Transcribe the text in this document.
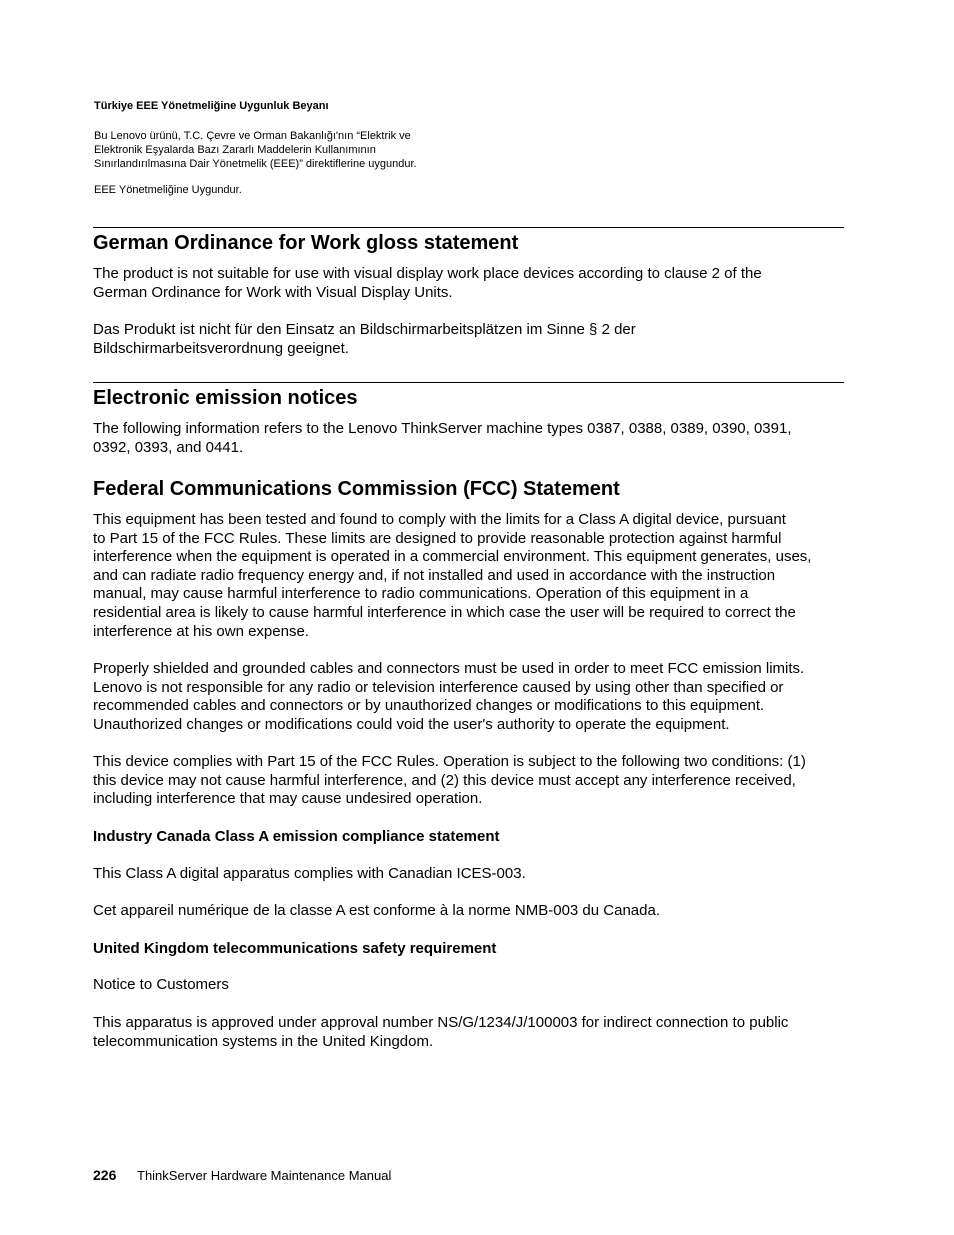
Türkiye EEE Yönetmeliğine Uygunluk Beyanı
Bu Lenovo ürünü, T.C. Çevre ve Orman Bakanlığı'nın “Elektrik ve
Elektronik Eşyalarda Bazı Zararlı Maddelerin Kullanımının
Sınırlandırılmasına Dair Yönetmelik (EEE)” direktiflerine uygundur.
EEE Yönetmeliğine Uygundur.
German Ordinance for Work gloss statement
The product is not suitable for use with visual display work place devices according to clause 2 of the
German Ordinance for Work with Visual Display Units.
Das Produkt ist nicht für den Einsatz an Bildschirmarbeitsplätzen im Sinne § 2 der
Bildschirmarbeitsverordnung geeignet.
Electronic emission notices
The following information refers to the Lenovo ThinkServer machine types 0387, 0388, 0389, 0390, 0391,
0392, 0393, and 0441.
Federal Communications Commission (FCC) Statement
This equipment has been tested and found to comply with the limits for a Class A digital device, pursuant
to Part 15 of the FCC Rules. These limits are designed to provide reasonable protection against harmful
interference when the equipment is operated in a commercial environment. This equipment generates, uses,
and can radiate radio frequency energy and, if not installed and used in accordance with the instruction
manual, may cause harmful interference to radio communications. Operation of this equipment in a
residential area is likely to cause harmful interference in which case the user will be required to correct the
interference at his own expense.
Properly shielded and grounded cables and connectors must be used in order to meet FCC emission limits.
Lenovo is not responsible for any radio or television interference caused by using other than specified or
recommended cables and connectors or by unauthorized changes or modifications to this equipment.
Unauthorized changes or modifications could void the user's authority to operate the equipment.
This device complies with Part 15 of the FCC Rules. Operation is subject to the following two conditions: (1)
this device may not cause harmful interference, and (2) this device must accept any interference received,
including interference that may cause undesired operation.
Industry Canada Class A emission compliance statement
This Class A digital apparatus complies with Canadian ICES-003.
Cet appareil numérique de la classe A est conforme à la norme NMB-003 du Canada.
United Kingdom telecommunications safety requirement
Notice to Customers
This apparatus is approved under approval number NS/G/1234/J/100003 for indirect connection to public
telecommunication systems in the United Kingdom.
226 ThinkServer Hardware Maintenance Manual
